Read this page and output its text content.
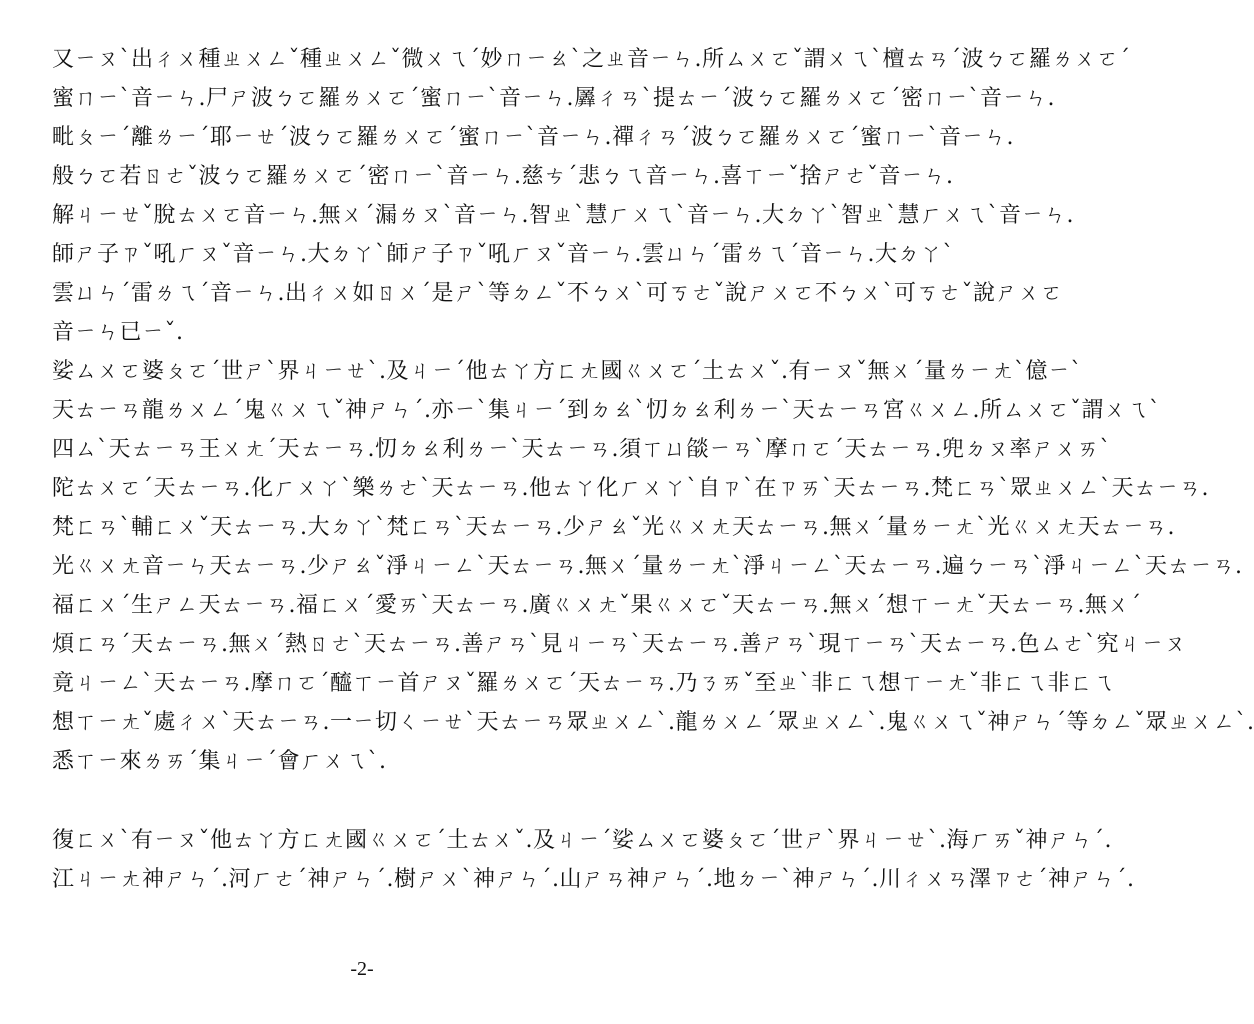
又ㄧㄡˋ出ㄔㄨ種ㄓㄨㄥˇ種ㄓㄨㄥˇ微ㄨㄟˊ妙ㄇㄧㄠˋ之ㄓ音ㄧㄣ.所ㄙㄨㄛˇ謂ㄨㄟˋ檀ㄊㄢˊ波ㄅㄛ羅ㄌㄨㄛˊ
蜜ㄇㄧˋ音ㄧㄣ.尸ㄕ波ㄅㄛ羅ㄌㄨㄛˊ蜜ㄇㄧˋ音ㄧㄣ.羼ㄔㄢˋ提ㄊㄧˊ波ㄅㄛ羅ㄌㄨㄛˊ密ㄇㄧˋ音ㄧㄣ.
毗ㄆㄧˊ離ㄌㄧˊ耶ㄧㄝˊ波ㄅㄛ羅ㄌㄨㄛˊ蜜ㄇㄧˋ音ㄧㄣ.禪ㄔㄢˊ波ㄅㄛ羅ㄌㄨㄛˊ蜜ㄇㄧˋ音ㄧㄣ.
般ㄅㄛ若ㄖㄜˇ波ㄅㄛ羅ㄌㄨㄛˊ密ㄇㄧˋ音ㄧㄣ.慈ㄘˊ悲ㄅㄟ音ㄧㄣ.喜ㄒㄧˇ捨ㄕㄜˇ音ㄧㄣ.
解ㄐㄧㄝˇ脫ㄊㄨㄛ音ㄧㄣ.無ㄨˊ漏ㄌㄡˋ音ㄧㄣ.智ㄓˋ慧ㄏㄨㄟˋ音ㄧㄣ.大ㄉㄚˋ智ㄓˋ慧ㄏㄨㄟˋ音ㄧㄣ.
師ㄕ子ㄗˇ吼ㄏㄡˇ音ㄧㄣ.大ㄉㄚˋ師ㄕ子ㄗˇ吼ㄏㄡˇ音ㄧㄣ.雲ㄩㄣˊ雷ㄌㄟˊ音ㄧㄣ.大ㄉㄚˋ
雲ㄩㄣˊ雷ㄌㄟˊ音ㄧㄣ.出ㄔㄨ如ㄖㄨˊ是ㄕˋ等ㄉㄥˇ不ㄅㄨˋ可ㄎㄜˇ說ㄕㄨㄛ不ㄅㄨˋ可ㄎㄜˇ說ㄕㄨㄛ
音ㄧㄣ已ㄧˇ.
娑ㄙㄨㄛ婆ㄆㄛˊ世ㄕˋ界ㄐㄧㄝˋ.及ㄐㄧˊ他ㄊㄚ方ㄈㄤ國ㄍㄨㄛˊ土ㄊㄨˇ.有ㄧㄡˇ無ㄨˊ量ㄌㄧㄤˋ億ㄧˋ
天ㄊㄧㄢ龍ㄌㄨㄥˊ鬼ㄍㄨㄟˇ神ㄕㄣˊ.亦ㄧˋ集ㄐㄧˊ到ㄉㄠˋ忉ㄉㄠ利ㄌㄧˋ天ㄊㄧㄢ宮ㄍㄨㄥ.所ㄙㄨㄛˇ謂ㄨㄟˋ
四ㄙˋ天ㄊㄧㄢ王ㄨㄤˊ天ㄊㄧㄢ.忉ㄉㄠ利ㄌㄧˋ天ㄊㄧㄢ.須ㄒㄩ燄ㄧㄢˋ摩ㄇㄛˊ天ㄊㄧㄢ.兜ㄉㄡ率ㄕㄨㄞˋ
陀ㄊㄨㄛˊ天ㄊㄧㄢ.化ㄏㄨㄚˋ樂ㄌㄜˋ天ㄊㄧㄢ.他ㄊㄚ化ㄏㄨㄚˋ自ㄗˋ在ㄗㄞˋ天ㄊㄧㄢ.梵ㄈㄢˋ眾ㄓㄨㄥˋ天ㄊㄧㄢ.
梵ㄈㄢˋ輔ㄈㄨˇ天ㄊㄧㄢ.大ㄉㄚˋ梵ㄈㄢˋ天ㄊㄧㄢ.少ㄕㄠˇ光ㄍㄨㄤ天ㄊㄧㄢ.無ㄨˊ量ㄌㄧㄤˋ光ㄍㄨㄤ天ㄊㄧㄢ.
光ㄍㄨㄤ音ㄧㄣ天ㄊㄧㄢ.少ㄕㄠˇ淨ㄐㄧㄥˋ天ㄊㄧㄢ.無ㄨˊ量ㄌㄧㄤˋ淨ㄐㄧㄥˋ天ㄊㄧㄢ.遍ㄅㄧㄢˋ淨ㄐㄧㄥˋ天ㄊㄧㄢ.
福ㄈㄨˊ生ㄕㄥ天ㄊㄧㄢ.福ㄈㄨˊ愛ㄞˋ天ㄊㄧㄢ.廣ㄍㄨㄤˇ果ㄍㄨㄛˇ天ㄊㄧㄢ.無ㄨˊ想ㄒㄧㄤˇ天ㄊㄧㄢ.無ㄨˊ
煩ㄈㄢˊ天ㄊㄧㄢ.無ㄨˊ熱ㄖㄜˋ天ㄊㄧㄢ.善ㄕㄢˋ見ㄐㄧㄢˋ天ㄊㄧㄢ.善ㄕㄢˋ現ㄒㄧㄢˋ天ㄊㄧㄢ.色ㄙㄜˋ究ㄐㄧㄡ
竟ㄐㄧㄥˋ天ㄊㄧㄢ.摩ㄇㄛˊ醯ㄒㄧ首ㄕㄡˇ羅ㄌㄨㄛˊ天ㄊㄧㄢ.乃ㄋㄞˇ至ㄓˋ非ㄈㄟ想ㄒㄧㄤˇ非ㄈㄟ非ㄈㄟ
想ㄒㄧㄤˇ處ㄔㄨˋ天ㄊㄧㄢ.一ㄧ切ㄑㄧㄝˋ天ㄊㄧㄢ眾ㄓㄨㄥˋ.龍ㄌㄨㄥˊ眾ㄓㄨㄥˋ.鬼ㄍㄨㄟˇ神ㄕㄣˊ等ㄉㄥˇ眾ㄓㄨㄥˋ.
悉ㄒㄧ來ㄌㄞˊ集ㄐㄧˊ會ㄏㄨㄟˋ.
復ㄈㄨˋ有ㄧㄡˇ他ㄊㄚ方ㄈㄤ國ㄍㄨㄛˊ土ㄊㄨˇ.及ㄐㄧˊ娑ㄙㄨㄛ婆ㄆㄛˊ世ㄕˋ界ㄐㄧㄝˋ.海ㄏㄞˇ神ㄕㄣˊ.
江ㄐㄧㄤ神ㄕㄣˊ.河ㄏㄜˊ神ㄕㄣˊ.樹ㄕㄨˋ神ㄕㄣˊ.山ㄕㄢ神ㄕㄣˊ.地ㄉㄧˋ神ㄕㄣˊ.川ㄔㄨㄢ澤ㄗㄜˊ神ㄕㄣˊ.
-2-
